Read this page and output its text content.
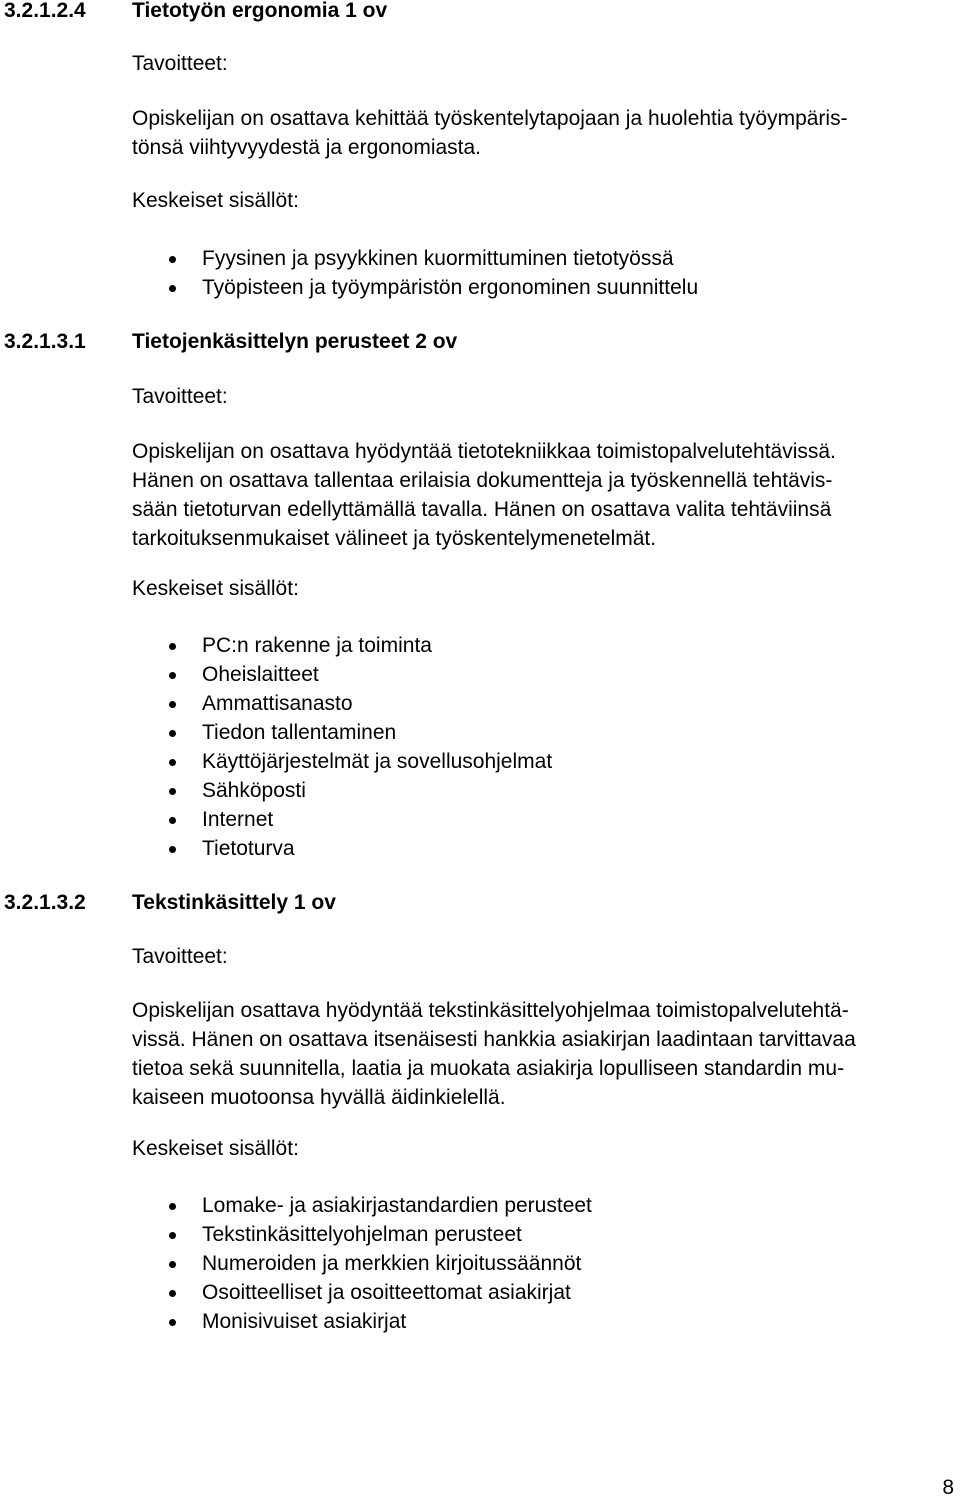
3.2.1.2.4 Tietotyön ergonomia 1 ov
Tavoitteet:
Opiskelijan on osattava kehittää työskentelytapojaan ja huolehtia työympäris-
tönsä viihtyvyydestä ja ergonomiasta.
Keskeiset sisällöt:
Fyysinen ja psyykkinen kuormittuminen tietotyössä
Työpisteen ja työympäristön ergonominen suunnittelu
3.2.1.3.1 Tietojenkäsittelyn perusteet 2 ov
Tavoitteet:
Opiskelijan on osattava hyödyntää tietotekniikkaa toimistopalvelutehtävissä.
Hänen on osattava tallentaa erilaisia dokumentteja ja työskennellä tehtävis-
sään tietoturvan edellyttämällä tavalla. Hänen on osattava valita tehtäviinsä
tarkoituksenmukaiset välineet ja työskentelymenetelmät.
Keskeiset sisällöt:
PC:n rakenne ja toiminta
Oheislaitteet
Ammattisanasto
Tiedon tallentaminen
Käyttöjärjestelmät ja sovellusohjelmat
Sähköposti
Internet
Tietoturva
3.2.1.3.2 Tekstinkäsittely 1 ov
Tavoitteet:
Opiskelijan osattava hyödyntää tekstinkäsittelyohjelmaa toimistopalvelutehtä-
vissä. Hänen on osattava itsenäisesti hankkia asiakirjan laadintaan tarvittavaa
tietoa sekä suunnitella, laatia ja muokata asiakirja lopulliseen standardin mu-
kaiseen muotoonsa hyvällä äidinkielellä.
Keskeiset sisällöt:
Lomake- ja asiakirjastandardien perusteet
Tekstinkäsittelyohjelman perusteet
Numeroiden ja merkkien kirjoitussäännöt
Osoitteelliset ja osoitteettomat asiakirjat
Monisivuiset asiakirjat
8
